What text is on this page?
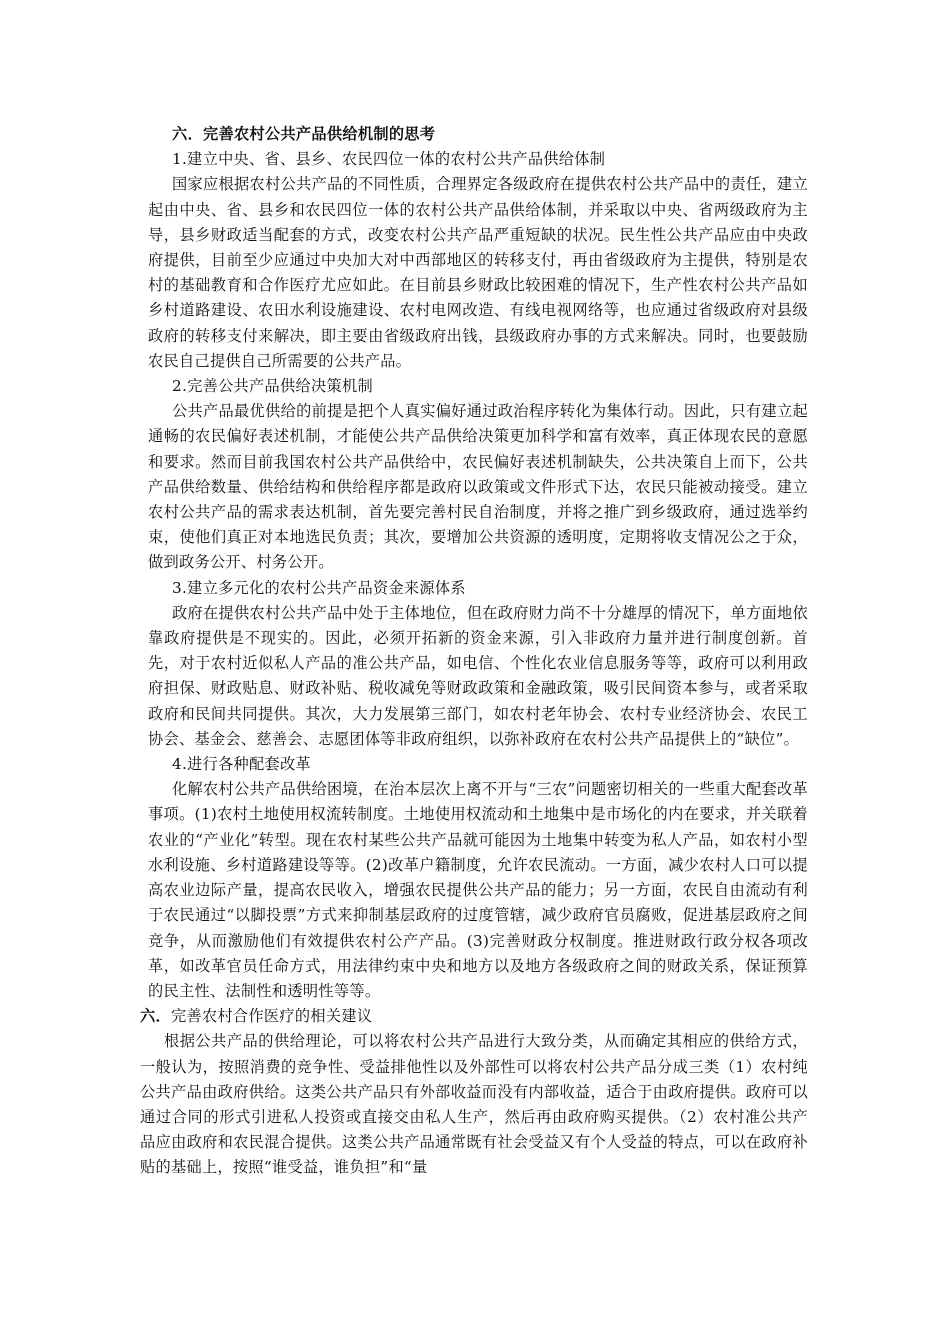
六．完善农村公共产品供给机制的思考

1.建立中央、省、县乡、农民四位一体的农村公共产品供给体制

国家应根据农村公共产品的不同性质，合理界定各级政府在提供农村公共产品中的责任，建立起由中央、省、县乡和农民四位一体的农村公共产品供给体制，并采取以中央、省两级政府为主导，县乡财政适当配套的方式，改变农村公共产品严重短缺的状况。民生性公共产品应由中央政府提供，目前至少应通过中央加大对中西部地区的转移支付，再由省级政府为主提供，特别是农村的基础教育和合作医疗尤应如此。在目前县乡财政比较困难的情况下，生产性农村公共产品如乡村道路建设、农田水利设施建设、农村电网改造、有线电视网络等，也应通过省级政府对县级政府的转移支付来解决，即主要由省级政府出钱，县级政府办事的方式来解决。同时，也要鼓励农民自己提供自己所需要的公共产品。

2.完善公共产品供给决策机制

公共产品最优供给的前提是把个人真实偏好通过政治程序转化为集体行动。因此，只有建立起通畅的农民偏好表述机制，才能使公共产品供给决策更加科学和富有效率，真正体现农民的意愿和要求。然而目前我国农村公共产品供给中，农民偏好表述机制缺失，公共决策自上而下，公共产品供给数量、供给结构和供给程序都是政府以政策或文件形式下达，农民只能被动接受。建立农村公共产品的需求表达机制，首先要完善村民自治制度，并将之推广到乡级政府，通过选举约束，使他们真正对本地选民负责；其次，要增加公共资源的透明度，定期将收支情况公之于众，做到政务公开、村务公开。

3.建立多元化的农村公共产品资金来源体系

政府在提供农村公共产品中处于主体地位，但在政府财力尚不十分雄厚的情况下，单方面地依靠政府提供是不现实的。因此，必须开拓新的资金来源，引入非政府力量并进行制度创新。首先，对于农村近似私人产品的准公共产品，如电信、个性化农业信息服务等等，政府可以利用政府担保、财政贴息、财政补贴、税收减免等财政政策和金融政策，吸引民间资本参与，或者采取政府和民间共同提供。其次，大力发展第三部门，如农村老年协会、农村专业经济协会、农民工协会、基金会、慈善会、志愿团体等非政府组织，以弥补政府在农村公共产品提供上的“缺位”。

4.进行各种配套改革

化解农村公共产品供给困境，在治本层次上离不开与“三农”问题密切相关的一些重大配套改革事项。(1)农村土地使用权流转制度。土地使用权流动和土地集中是市场化的内在要求，并关联着农业的“产业化”转型。现在农村某些公共产品就可能因为土地集中转变为私人产品，如农村小型水利设施、乡村道路建设等等。(2)改革户籍制度，允许农民流动。一方面，减少农村人口可以提高农业边际产量，提高农民收入，增强农民提供公共产品的能力；另一方面，农民自由流动有利于农民通过“以脚投票”方式来抑制基层政府的过度管辖，减少政府官员腐败，促进基层政府之间竞争，从而激励他们有效提供农村公产产品。(3)完善财政分权制度。推进财政行政分权各项改革，如改革官员任命方式，用法律约束中央和地方以及地方各级政府之间的财政关系，保证预算的民主性、法制性和透明性等等。

六．完善农村合作医疗的相关建议

根据公共产品的供给理论，可以将农村公共产品进行大致分类，从而确定其相应的供给方式，一般认为，按照消费的竞争性、受益排他性以及外部性可以将农村公共产品分成三类（1）农村纯公共产品由政府供给。这类公共产品只有外部收益而没有内部收益，适合于由政府提供。政府可以通过合同的形式引进私人投资或直接交由私人生产，然后再由政府购买提供。（2）农村准公共产品应由政府和农民混合提供。这类公共产品通常既有社会受益又有个人受益的特点，可以在政府补贴的基础上，按照“谁受益，谁负担”和“量
